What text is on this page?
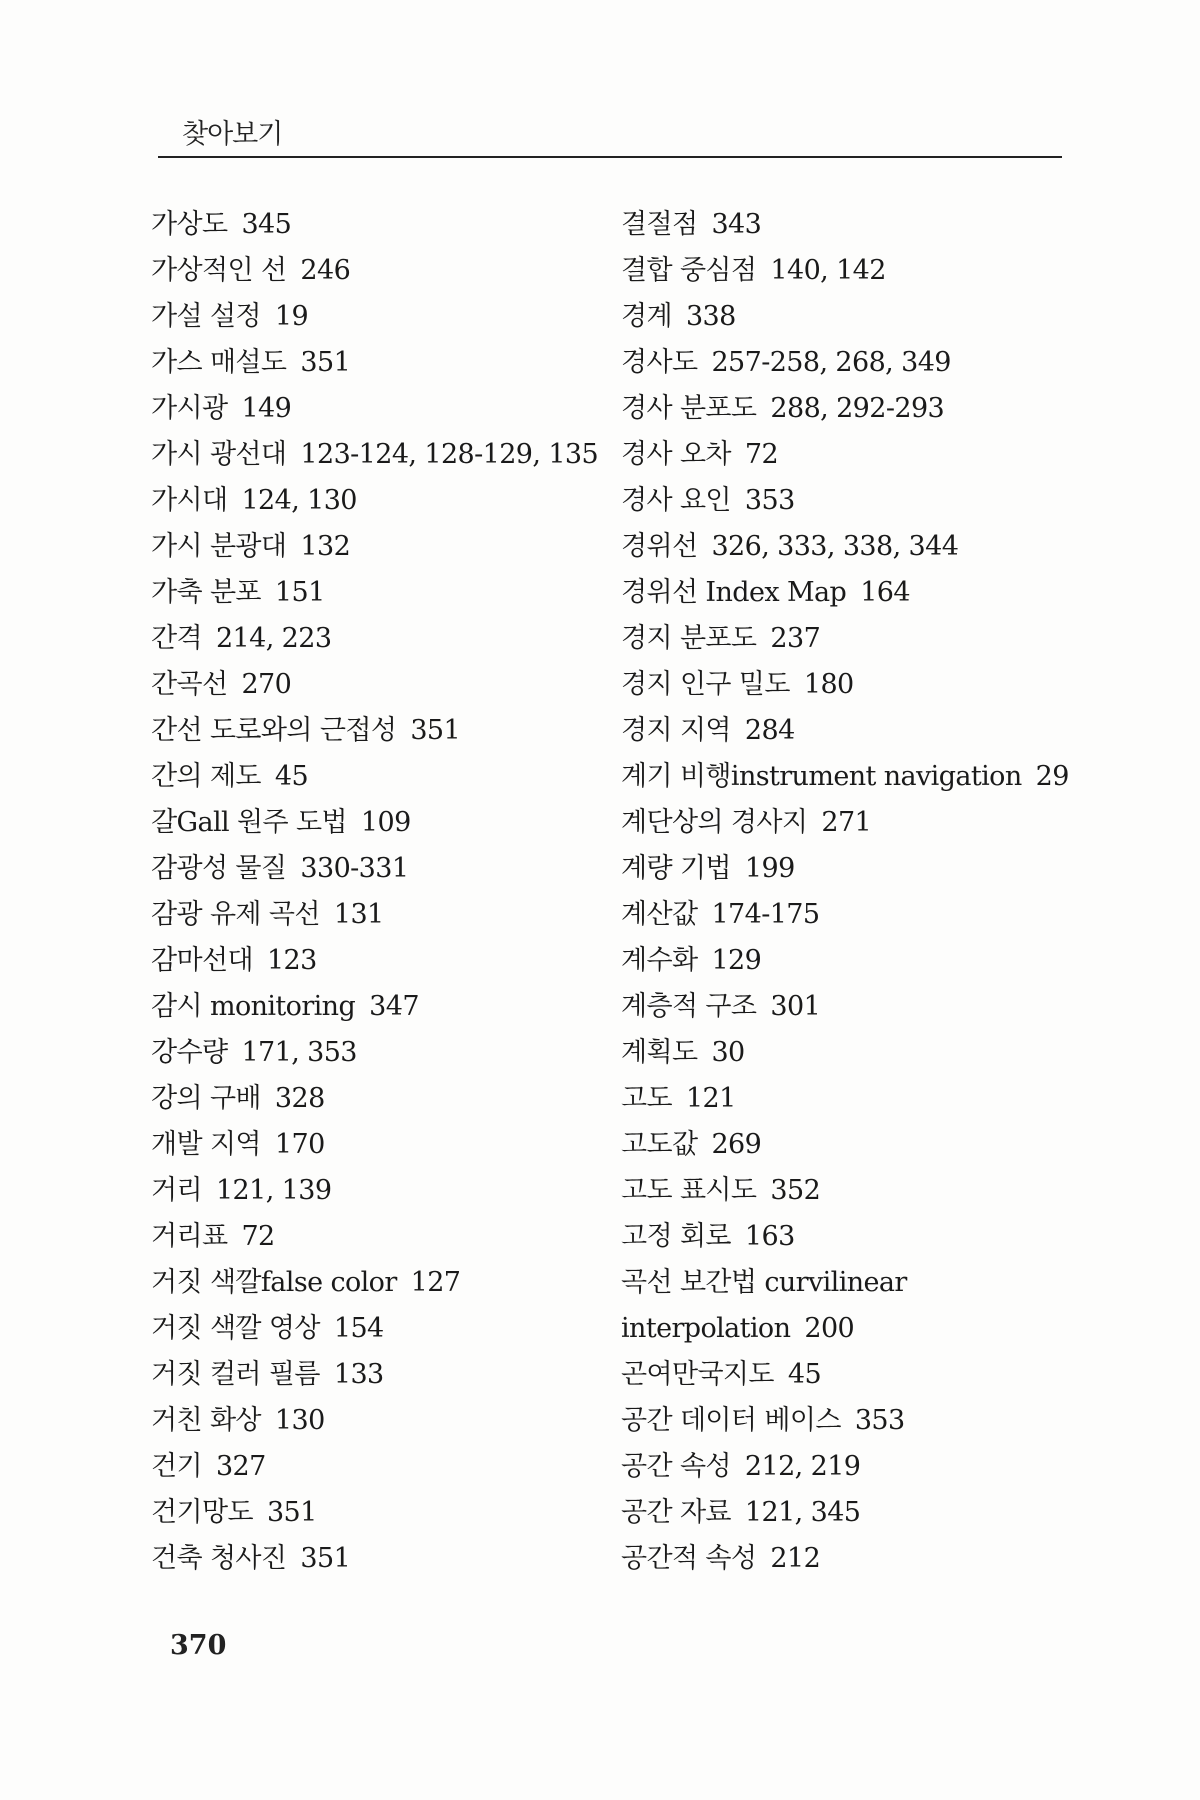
찾아보기
가상도 345
가상적인 선 246
가설 설정 19
가스 매설도 351
가시광 149
가시 광선대 123-124, 128-129, 135
가시대 124, 130
가시 분광대 132
가축 분포 151
간격 214, 223
간곡선 270
간선 도로와의 근접성 351
간의 제도 45
갈Gall 원주 도법 109
감광성 물질 330-331
감광 유제 곡선 131
감마선대 123
감시 monitoring 347
강수량 171, 353
강의 구배 328
개발 지역 170
거리 121, 139
거리표 72
거짓 색깔false color 127
거짓 색깔 영상 154
거짓 컬러 필름 133
거친 화상 130
건기 327
건기망도 351
건축 청사진 351
결절점 343
결합 중심점 140, 142
경계 338
경사도 257-258, 268, 349
경사 분포도 288, 292-293
경사 오차 72
경사 요인 353
경위선 326, 333, 338, 344
경위선 Index Map 164
경지 분포도 237
경지 인구 밀도 180
경지 지역 284
계기 비행instrument navigation 29
계단상의 경사지 271
계량 기법 199
계산값 174-175
계수화 129
계층적 구조 301
계획도 30
고도 121
고도값 269
고도 표시도 352
고정 회로 163
곡선 보간법 curvilinear interpolation 200
곤여만국지도 45
공간 데이터 베이스 353
공간 속성 212, 219
공간 자료 121, 345
공간적 속성 212
370
